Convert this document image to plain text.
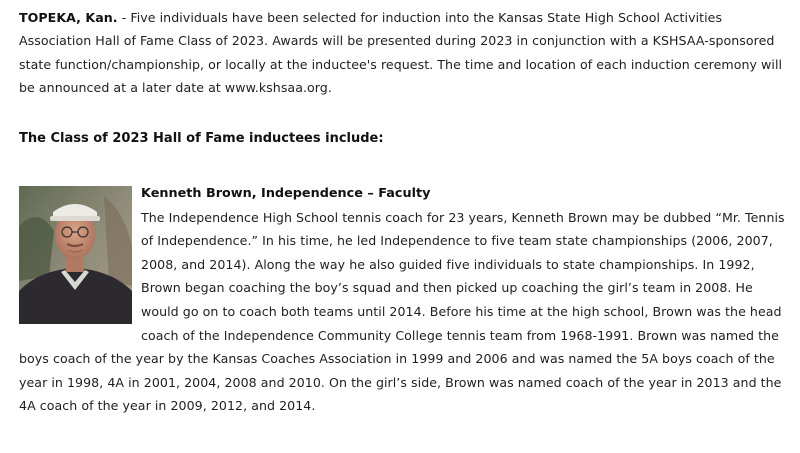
TOPEKA, Kan. - Five individuals have been selected for induction into the Kansas State High School Activities Association Hall of Fame Class of 2023. Awards will be presented during 2023 in conjunction with a KSHSAA-sponsored state function/championship, or locally at the inductee's request. The time and location of each induction ceremony will be announced at a later date at www.kshsaa.org.

The Class of 2023 Hall of Fame inductees include:

Kenneth Brown, Independence – Faculty

The Independence High School tennis coach for 23 years, Kenneth Brown may be dubbed “Mr. Tennis of Independence.” In his time, he led Independence to five team state championships (2006, 2007, 2008, and 2014). Along the way he also guided five individuals to state championships. In 1992, Brown began coaching the boy’s squad and then picked up coaching the girl’s team in 2008. He would go on to coach both teams until 2014. Before his time at the high school, Brown was the head coach of the Independence Community College tennis team from 1968-1991. Brown was named the boys coach of the year by the Kansas Coaches Association in 1999 and 2006 and was named the 5A boys coach of the year in 1998, 4A in 2001, 2004, 2008 and 2010. On the girl’s side, Brown was named coach of the year in 2013 and the 4A coach of the year in 2009, 2012, and 2014.
